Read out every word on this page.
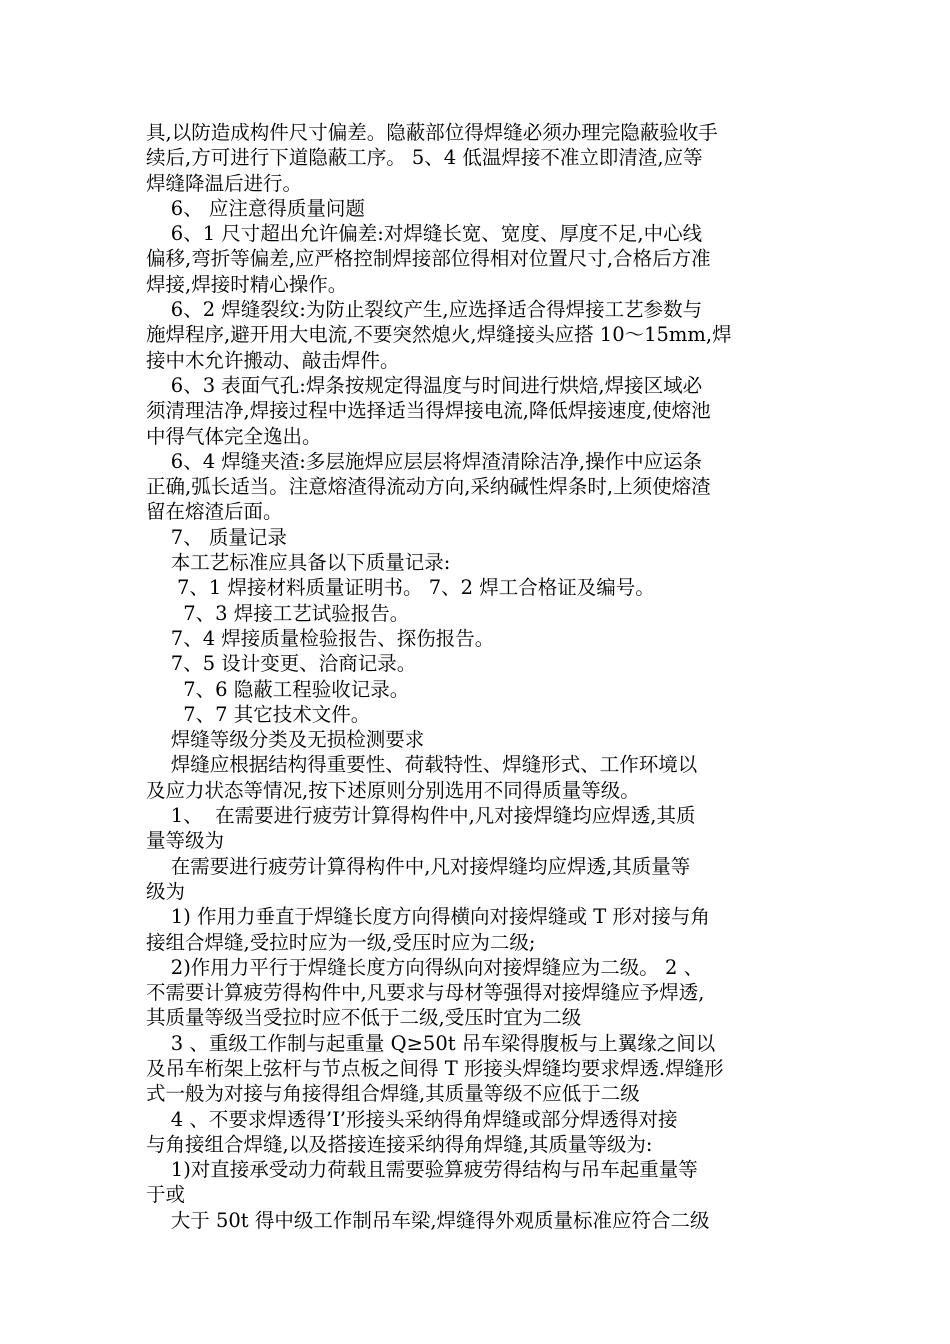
具,以防造成构件尺寸偏差。隐蔽部位得焊缝必须办理完隐蔽验收手
续后,方可进行下道隐蔽工序。 5、4 低温焊接不准立即清渣,应等
焊缝降温后进行。
6、 应注意得质量问题
6、1 尺寸超出允许偏差:对焊缝长宽、宽度、厚度不足,中心线
偏移,弯折等偏差,应严格控制焊接部位得相对位置尺寸,合格后方准
焊接,焊接时精心操作。
6、2 焊缝裂纹:为防止裂纹产生,应选择适合得焊接工艺参数与
施焊程序,避开用大电流,不要突然熄火,焊缝接头应搭 10～15mm,焊
接中木允许搬动、敲击焊件。
6、3 表面气孔:焊条按规定得温度与时间进行烘焙,焊接区域必
须清理洁净,焊接过程中选择适当得焊接电流,降低焊接速度,使熔池
中得气体完全逸出。
6、4 焊缝夹渣:多层施焊应层层将焊渣清除洁净,操作中应运条
正确,弧长适当。注意熔渣得流动方向,采纳碱性焊条时,上须使熔渣
留在熔渣后面。
7、 质量记录
本工艺标准应具备以下质量记录:
7、1 焊接材料质量证明书。 7、2 焊工合格证及编号。
7、3 焊接工艺试验报告。
7、4 焊接质量检验报告、探伤报告。
7、5 设计变更、洽商记录。
7、6 隐蔽工程验收记录。
7、7 其它技术文件。
焊缝等级分类及无损检测要求
焊缝应根据结构得重要性、荷载特性、焊缝形式、工作环境以
及应力状态等情况,按下述原则分别选用不同得质量等级。
1、  在需要进行疲劳计算得构件中,凡对接焊缝均应焊透,其质
量等级为
在需要进行疲劳计算得构件中,凡对接焊缝均应焊透,其质量等
级为
1) 作用力垂直于焊缝长度方向得横向对接焊缝或 T 形对接与角
接组合焊缝,受拉时应为一级,受压时应为二级;
2)作用力平行于焊缝长度方向得纵向对接焊缝应为二级。 2 、
不需要计算疲劳得构件中,凡要求与母材等强得对接焊缝应予焊透,
其质量等级当受拉时应不低于二级,受压时宜为二级
3 、重级工作制与起重量 Q≥50t 吊车梁得腹板与上翼缘之间以
及吊车桁架上弦杆与节点板之间得 T 形接头焊缝均要求焊透.焊缝形
式一般为对接与角接得组合焊缝,其质量等级不应低于二级
4 、不要求焊透得’I’形接头采纳得角焊缝或部分焊透得对接
与角接组合焊缝,以及搭接连接采纳得角焊缝,其质量等级为:
1)对直接承受动力荷载且需要验算疲劳得结构与吊车起重量等
于或
大于 50t 得中级工作制吊车梁,焊缝得外观质量标准应符合二级
